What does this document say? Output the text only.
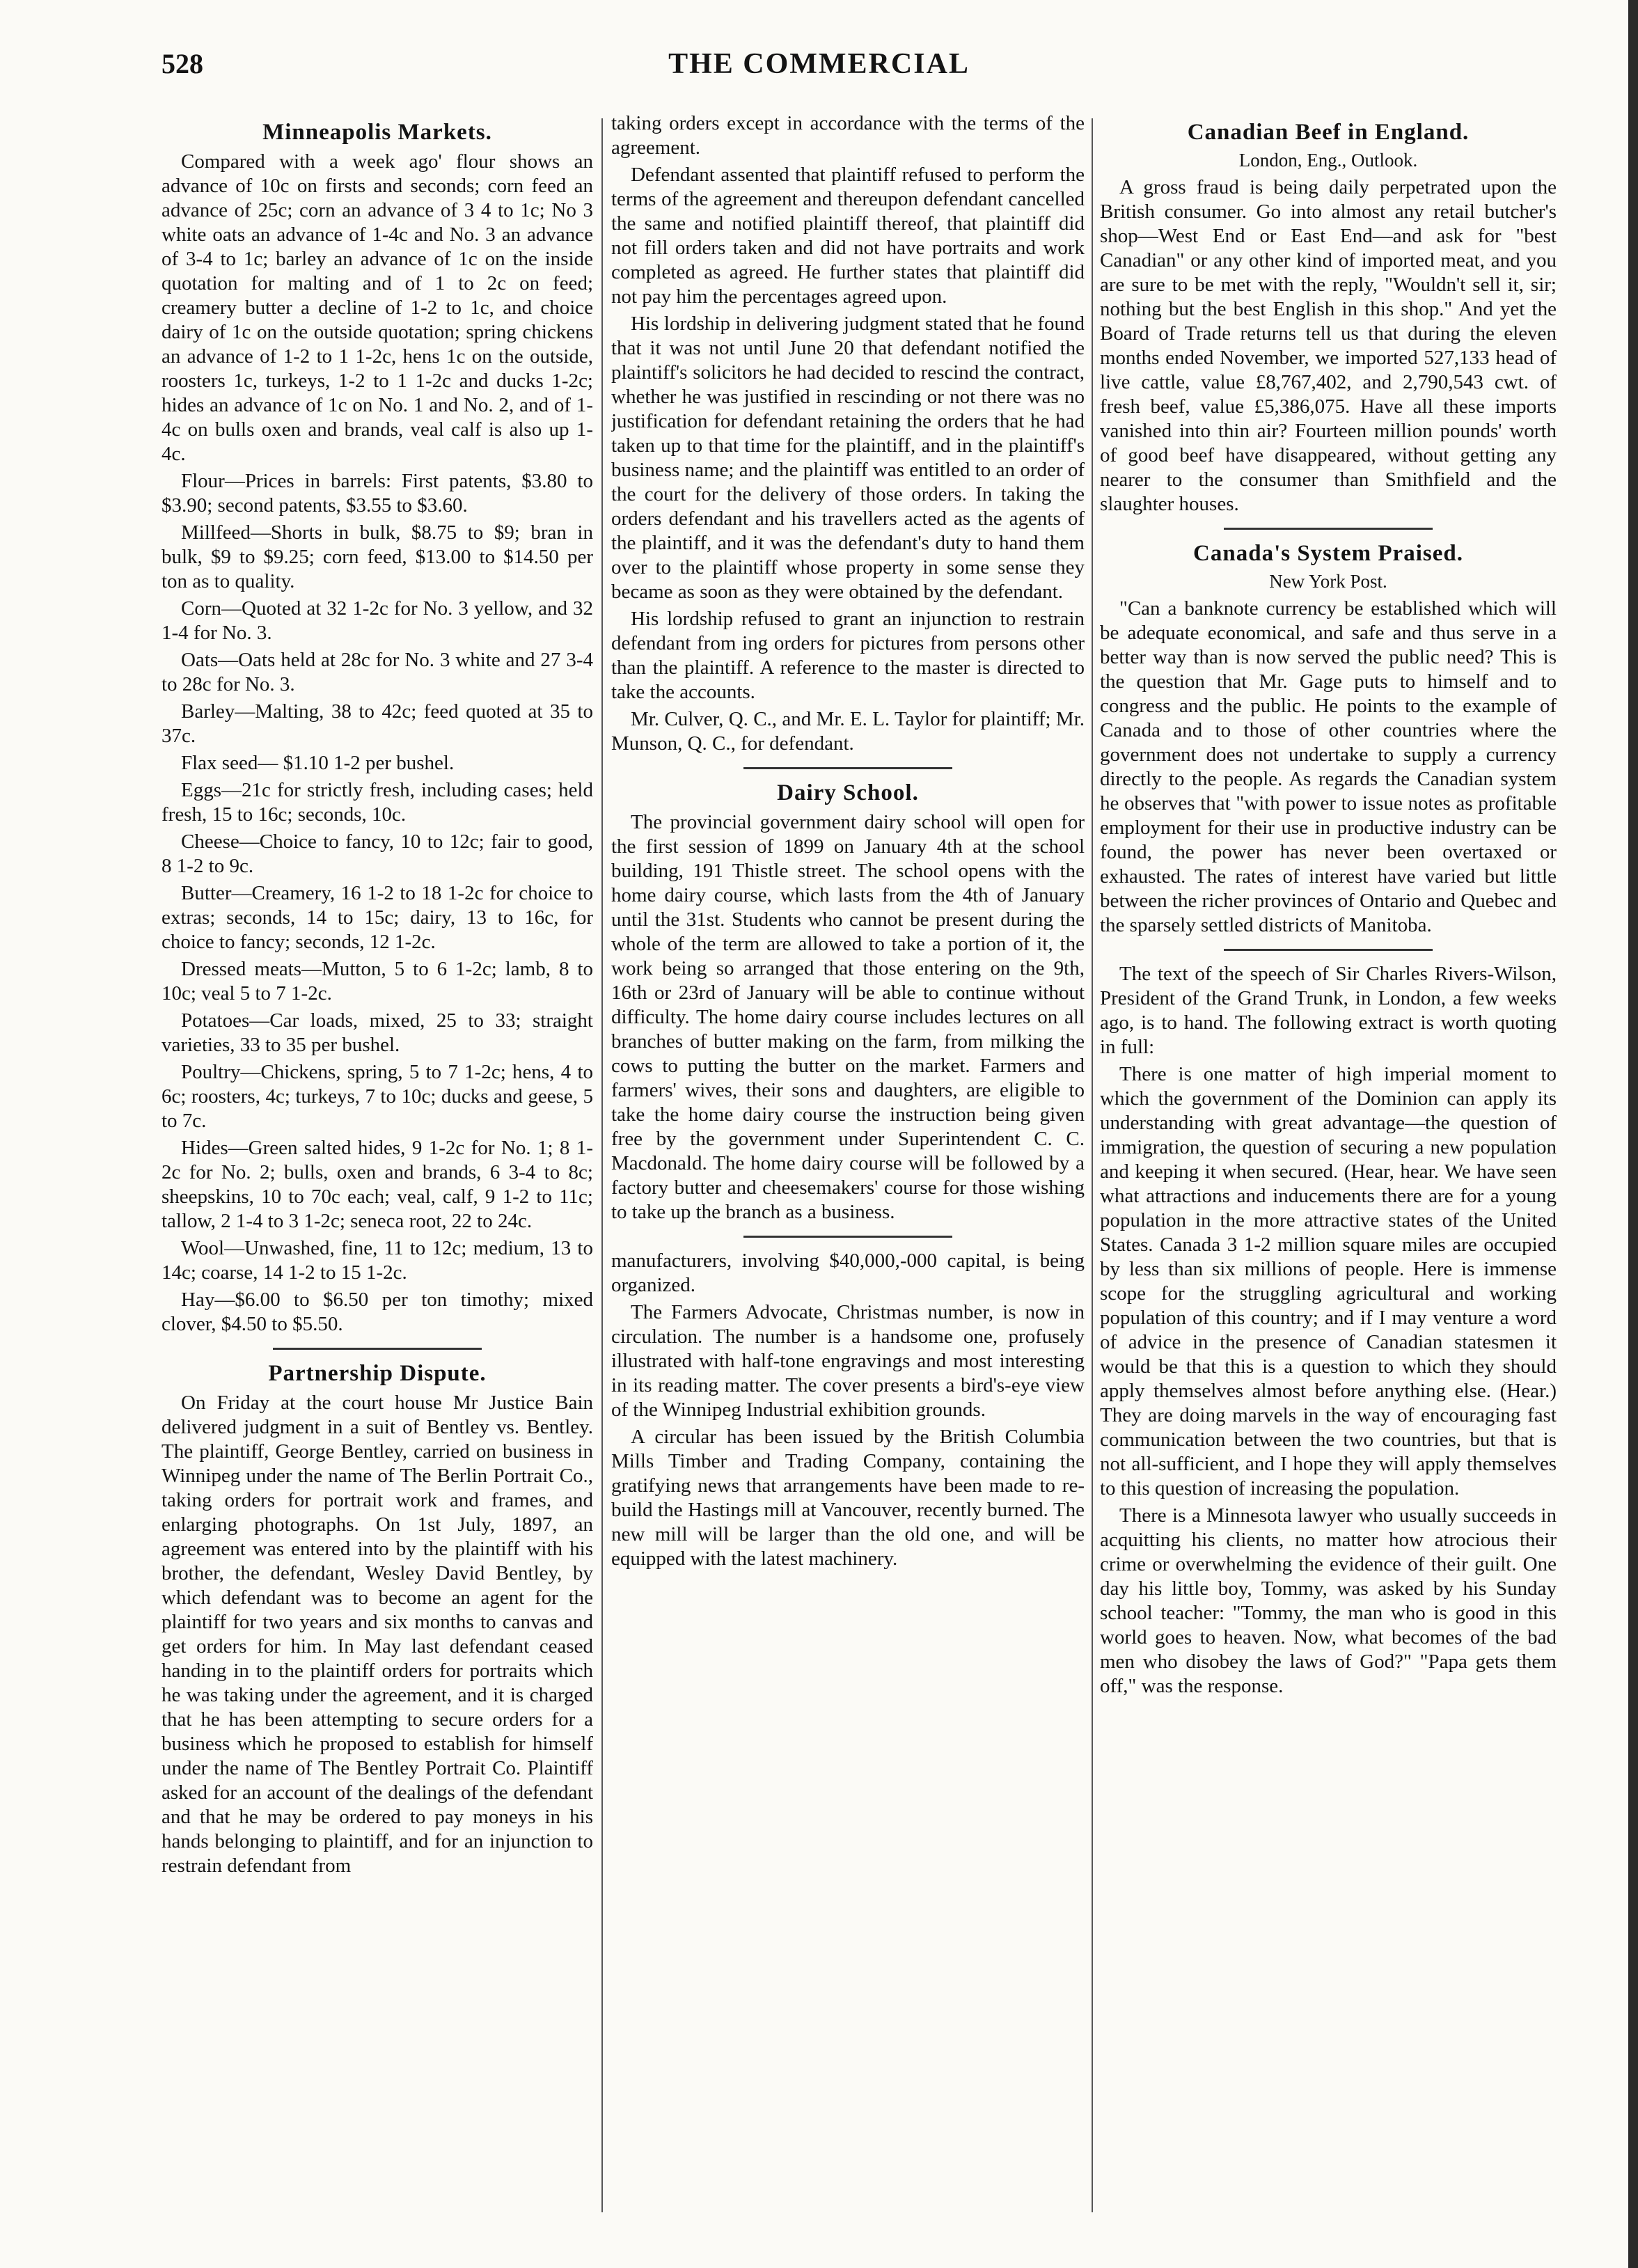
528	THE COMMERCIAL
Minneapolis Markets.

Compared with a week ago' flour shows an advance of 10c on firsts and seconds; corn feed an advance of 25c; corn an advance of 3 4 to 1c; No 3 white oats an advance of 1-4c and No. 3 an advance of 3-4 to 1c; barley an advance of 1c on the inside quotation for malting and of 1 to 2c on feed; creamery butter a decline of 1-2 to 1c, and choice dairy of 1c on the outside quotation; spring chickens an advance of 1-2 to 1 1-2c, hens 1c on the outside, roosters 1c, turkeys, 1-2 to 1 1-2c and ducks 1-2c; hides an advance of 1c on No. 1 and No. 2, and of 1-4c on bulls oxen and brands, veal calf is also up 1-4c.

Flour—Prices in barrels: First patents, $3.80 to $3.90; second patents, $3.55 to $3.60.

Millfeed—Shorts in bulk, $8.75 to $9; bran in bulk, $9 to $9.25; corn feed, $13.00 to $14.50 per ton as to quality.

Corn—Quoted at 32 1-2c for No. 3 yellow, and 32 1-4 for No. 3.

Oats—Oats held at 28c for No. 3 white and 27 3-4 to 28c for No. 3.

Barley—Malting, 38 to 42c; feed quoted at 35 to 37c.

Flax seed— $1.10 1-2 per bushel.

Eggs—21c for strictly fresh, including cases; held fresh, 15 to 16c; seconds, 10c.

Cheese—Choice to fancy, 10 to 12c; fair to good, 8 1-2 to 9c.

Butter—Creamery, 16 1-2 to 18 1-2c for choice to extras; seconds, 14 to 15c; dairy, 13 to 16c, for choice to fancy; seconds, 12 1-2c.

Dressed meats—Mutton, 5 to 6 1-2c; lamb, 8 to 10c; veal 5 to 7 1-2c.

Potatoes—Car loads, mixed, 25 to 33; straight varieties, 33 to 35 per bushel.

Poultry—Chickens, spring, 5 to 7 1-2c; hens, 4 to 6c; roosters, 4c; turkeys, 7 to 10c; ducks and geese, 5 to 7c.

Hides—Green salted hides, 9 1-2c for No. 1; 8 1-2c for No. 2; bulls, oxen and brands, 6 3-4 to 8c; sheepskins, 10 to 70c each; veal, calf, 9 1-2 to 11c; tallow, 2 1-4 to 3 1-2c; seneca root, 22 to 24c.

Wool—Unwashed, fine, 11 to 12c; medium, 13 to 14c; coarse, 14 1-2 to 15 1-2c.

Hay—$6.00 to $6.50 per ton timothy; mixed clover, $4.50 to $5.50.

Partnership Dispute.

On Friday at the court house Mr Justice Bain delivered judgment in a suit of Bentley vs. Bentley. The plaintiff, George Bentley, carried on business in Winnipeg under the name of The Berlin Portrait Co., taking orders for portrait work and frames, and enlarging photographs. On 1st July, 1897, an agreement was entered into by the plaintiff with his brother, the defendant, Wesley David Bentley, by which defendant was to become an agent for the plaintiff for two years and six months to canvas and get orders for him. In May last defendant ceased handing in to the plaintiff orders for portraits which he was taking under the agreement, and it is charged that he has been attempting to secure orders for a business which he proposed to establish for himself under the name of The Bentley Portrait Co. Plaintiff asked for an account of the dealings of the defendant and that he may be ordered to pay moneys in his hands belonging to plaintiff, and for an injunction to restrain defendant from

taking orders except in accordance with the terms of the agreement.

Defendant assented that plaintiff refused to perform the terms of the agreement and thereupon defendant cancelled the same and notified plaintiff thereof, that plaintiff did not fill orders taken and did not have portraits and work completed as agreed. He further states that plaintiff did not pay him the percentages agreed upon.

His lordship in delivering judgment stated that he found that it was not until June 20 that defendant notified the plaintiff's solicitors he had decided to rescind the contract, whether he was justified in rescinding or not there was no justification for defendant retaining the orders that he had taken up to that time for the plaintiff, and in the plaintiff's business name; and the plaintiff was entitled to an order of the court for the delivery of those orders. In taking the orders defendant and his travellers acted as the agents of the plaintiff, and it was the defendant's duty to hand them over to the plaintiff whose property in some sense they became as soon as they were obtained by the defendant.

His lordship refused to grant an injunction to restrain defendant from ing orders for pictures from persons other than the plaintiff. A reference to the master is directed to take the accounts.

Mr. Culver, Q. C., and Mr. E. L. Taylor for plaintiff; Mr. Munson, Q. C., for defendant.

Dairy School.

The provincial government dairy school will open for the first session of 1899 on January 4th at the school building, 191 Thistle street. The school opens with the home dairy course, which lasts from the 4th of January until the 31st. Students who cannot be present during the whole of the term are allowed to take a portion of it, the work being so arranged that those entering on the 9th, 16th or 23rd of January will be able to continue without difficulty. The home dairy course includes lectures on all branches of butter making on the farm, from milking the cows to putting the butter on the market. Farmers and farmers' wives, their sons and daughters, are eligible to take the home dairy course the instruction being given free by the government under Superintendent C. C. Macdonald. The home dairy course will be followed by a factory butter and cheesemakers' course for those wishing to take up the branch as a business.

manufacturers, involving $40,000,-000 capital, is being organized.

The Farmers Advocate, Christmas number, is now in circulation. The number is a handsome one, profusely illustrated with half-tone engravings and most interesting in its reading matter. The cover presents a bird's-eye view of the Winnipeg Industrial exhibition grounds.

A circular has been issued by the British Columbia Mills Timber and Trading Company, containing the gratifying news that arrangements have been made to re-build the Hastings mill at Vancouver, recently burned. The new mill will be larger than the old one, and will be equipped with the latest machinery.

Canadian Beef in England.
London, Eng., Outlook.

A gross fraud is being daily perpetrated upon the British consumer. Go into almost any retail butcher's shop—West End or East End—and ask for "best Canadian" or any other kind of imported meat, and you are sure to be met with the reply, "Wouldn't sell it, sir; nothing but the best English in this shop." And yet the Board of Trade returns tell us that during the eleven months ended November, we imported 527,133 head of live cattle, value £8,767,402, and 2,790,543 cwt. of fresh beef, value £5,386,075. Have all these imports vanished into thin air? Fourteen million pounds' worth of good beef have disappeared, without getting any nearer to the consumer than Smithfield and the slaughter houses.

Canada's System Praised.
New York Post.

"Can a banknote currency be established which will be adequate economical, and safe and thus serve in a better way than is now served the public need? This is the question that Mr. Gage puts to himself and to congress and the public. He points to the example of Canada and to those of other countries where the government does not undertake to supply a currency directly to the people. As regards the Canadian system he observes that "with power to issue notes as profitable employment for their use in productive industry can be found, the power has never been overtaxed or exhausted. The rates of interest have varied but little between the richer provinces of Ontario and Quebec and the sparsely settled districts of Manitoba.

The text of the speech of Sir Charles Rivers-Wilson, President of the Grand Trunk, in London, a few weeks ago, is to hand. The following extract is worth quoting in full:

There is one matter of high imperial moment to which the government of the Dominion can apply its understanding with great advantage—the question of immigration, the question of securing a new population and keeping it when secured. (Hear, hear. We have seen what attractions and inducements there are for a young population in the more attractive states of the United States. Canada 3 1-2 million square miles are occupied by less than six millions of people. Here is immense scope for the struggling agricultural and working population of this country; and if I may venture a word of advice in the presence of Canadian statesmen it would be that this is a question to which they should apply themselves almost before anything else. (Hear.) They are doing marvels in the way of encouraging fast communication between the two countries, but that is not all-sufficient, and I hope they will apply themselves to this question of increasing the population.

There is a Minnesota lawyer who usually succeeds in acquitting his clients, no matter how atrocious their crime or overwhelming the evidence of their guilt. One day his little boy, Tommy, was asked by his Sunday school teacher: "Tommy, the man who is good in this world goes to heaven. Now, what becomes of the bad men who disobey the laws of God?" "Papa gets them off," was the response.
